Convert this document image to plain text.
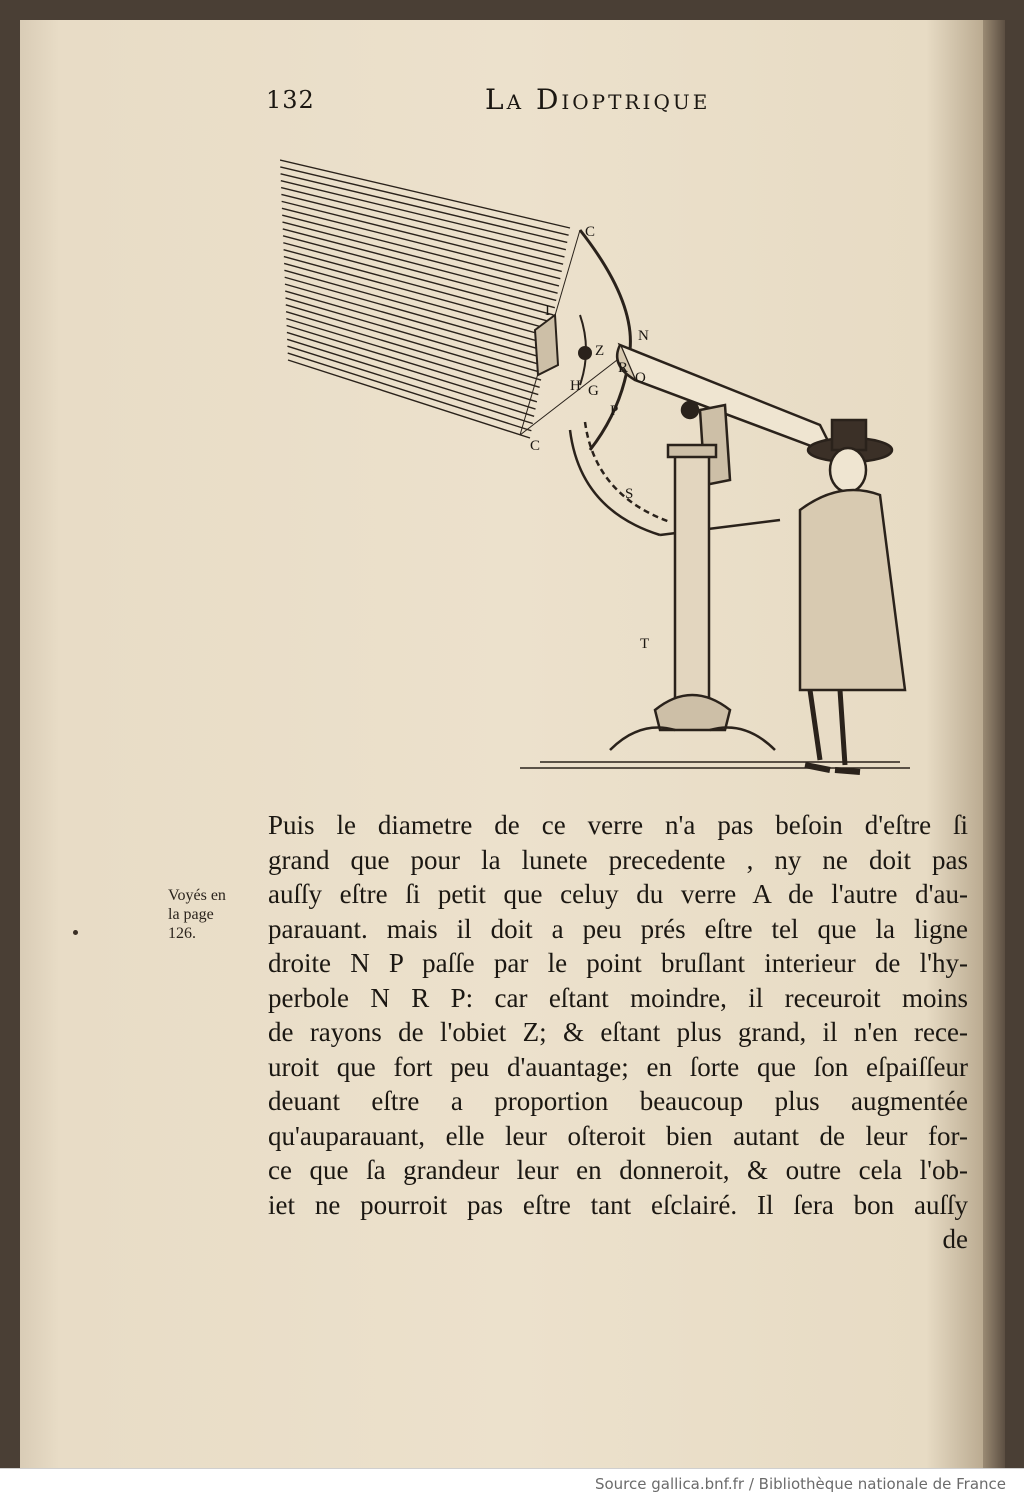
132	La Dioptrique
C
N
I
Z
R
O
H G
P
C
S
T
Voyés en
la page
126.
Puis le diametre de ce verre n'a pas beſoin d'eſtre ſi
grand que pour la lunete precedente , ny ne doit pas
auſſy eſtre ſi petit que celuy du verre A de l'autre d'au-
parauant. mais il doit a peu prés eſtre tel que la ligne
droite N P paſſe par le point bruſlant interieur de l'hy-
perbole N R P: car eſtant moindre, il receuroit moins
de rayons de l'obiet Z; & eſtant plus grand, il n'en rece-
uroit que fort peu d'auantage; en ſorte que ſon eſpaiſſeur
deuant eſtre a proportion beaucoup plus augmentée
qu'auparauant, elle leur oſteroit bien autant de leur for-
ce que ſa grandeur leur en donneroit, & outre cela l'ob-
iet ne pourroit pas eſtre tant eſclairé. Il ſera bon auſſy
de
Source gallica.bnf.fr / Bibliothèque nationale de France
